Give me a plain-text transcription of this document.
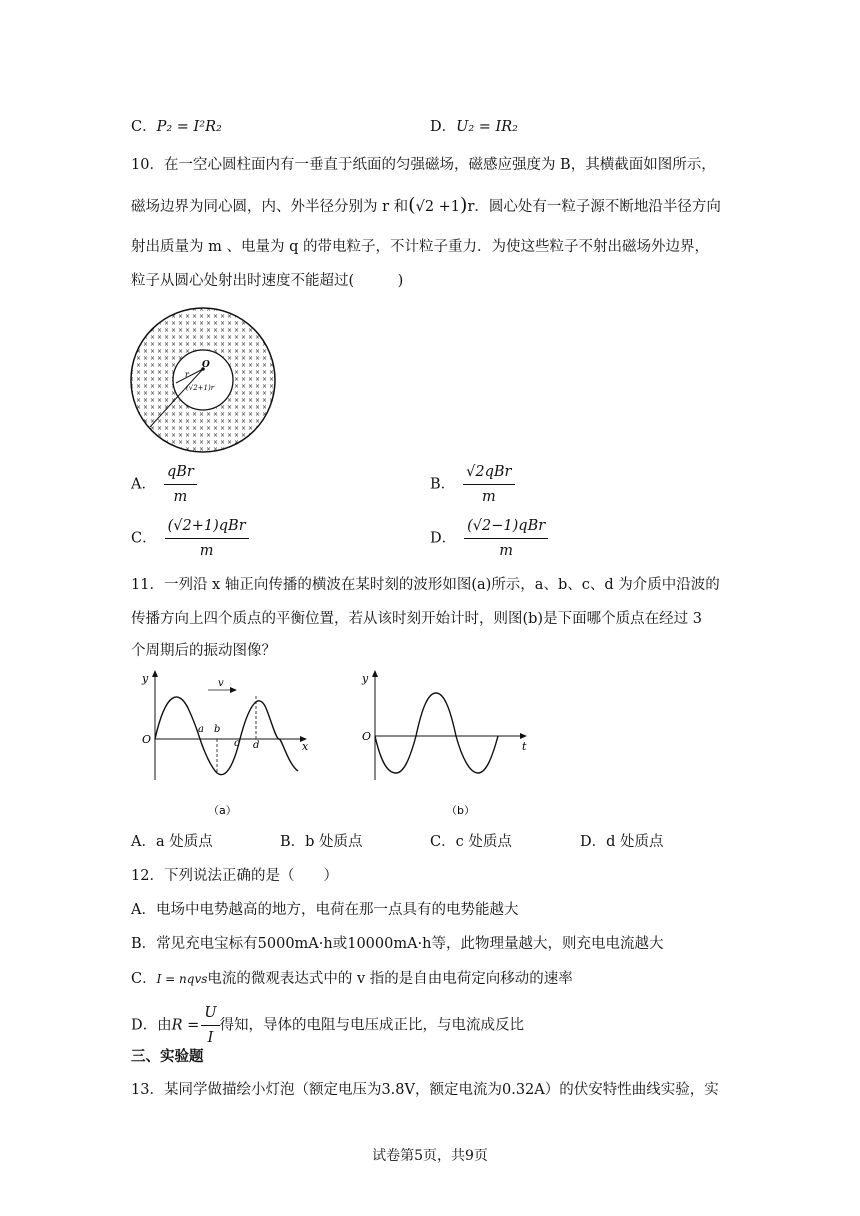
C．P₂ = I²R₂	D．U₂ = IR₂
10．在一空心圆柱面内有一垂直于纸面的匀强磁场，磁感应强度为 B，其横截面如图所示，
磁场边界为同心圆，内、外半径分别为 r 和(√2 +1)r．圆心处有一粒子源不断地沿半径方向
射出质量为 m 、电量为 q 的带电粒子，不计粒子重力．为使这些粒子不射出磁场外边界，
粒子从圆心处射出时速度不能超过(　　　)
O
r
(√2+1)r
A． $\frac{\text{qBr}}{m}$	B． $\frac{\text{√2qBr}}{m}$
C． $\frac{\text{(√2+1)qBr}}{m}$	D． $\frac{\text{(√2−1)qBr}}{m}$
11．一列沿 x 轴正向传播的横波在某时刻的波形如图(a)所示，a、b、c、d 为介质中沿波的
传播方向上四个质点的平衡位置，若从该时刻开始计时，则图(b)是下面哪个质点在经过 3
个周期后的振动图像？
y
x
O
v
a b
c d
（a）
y
t
O
（b）
A．a 处质点	B．b 处质点	C．c 处质点	D．d 处质点
12．下列说法正确的是（　　）
A．电场中电势越高的地方，电荷在那一点具有的电势能越大
B．常见充电宝标有5000mA·h或10000mA·h等，此物理量越大，则充电电流越大
C．I = nqvs电流的微观表达式中的 v 指的是自由电荷定向移动的速率
D．由$R = \frac{U}{I}$ 得知，导体的电阻与电压成正比，与电流成反比
三、实验题
13．某同学做描绘小灯泡（额定电压为3.8V，额定电流为0.32A）的伏安特性曲线实验，实
试卷第5页，共9页
